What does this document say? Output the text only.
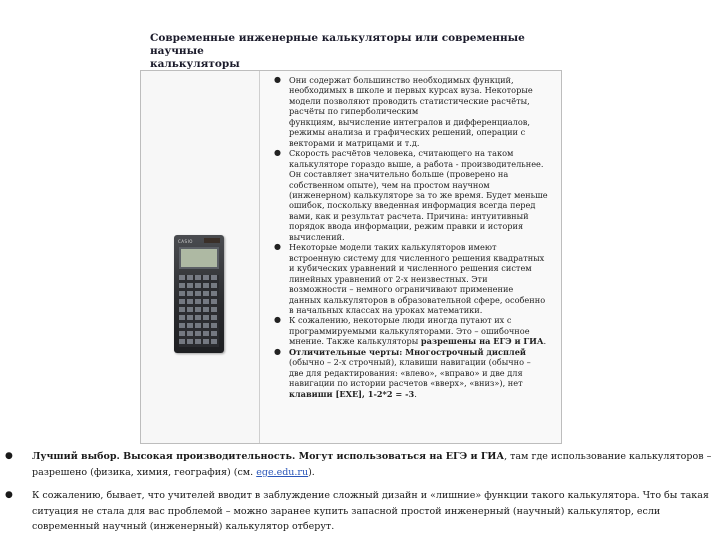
Современные инженерные калькуляторы или современные научные
калькуляторы
CASIO
● Они содержат большинство необходимых функций,
необходимых в школе и первых курсах вуза. Некоторые
модели позволяют проводить статистические расчёты,
расчёты по гиперболическим
функциям, вычисление интегралов и дифференциалов,
режимы анализа и графических решений, операции с
векторами и матрицами и т.д.
● Скорость расчётов человека, считающего на таком
калькуляторе гораздо выше, а работа - производительнее.
Он составляет значительно больше (проверено на
собственном опыте), чем на простом научном
(инженерном) калькуляторе за то же время. Будет меньше
ошибок, поскольку введенная информация всегда перед
вами, как и результат расчета. Причина: интуитивный
порядок ввода информации, режим правки и история
вычислений.
● Некоторые модели таких калькуляторов имеют
встроенную систему для численного решения квадратных
и кубических уравнений и численного решения систем
линейных уравнений от 2-х неизвестных. Эти
возможности – немного ограничивают применение
данных калькуляторов в образовательной сфере, особенно
в начальных классах на уроках математики.
● К сожалению, некоторые люди иногда путают их с
программируемыми калькуляторами. Это – ошибочное
мнение. Также калькуляторы разрешены на ЕГЭ и ГИА.
● Отличительные черты: Многострочный дисплей
(обычно – 2-х строчный), клавиши навигации (обычно –
две для редактирования: «влево», «вправо» и две для
навигации по истории расчетов «вверх», «вниз»), нет
клавиши [EXE], 1-2*2 = -3.
● Лучший выбор. Высокая производительность. Могут использоваться на ЕГЭ и ГИА, там где использование калькуляторов – разрешено (физика, химия, география) (см. ege.edu.ru).
● К сожалению, бывает, что учителей вводит в заблуждение сложный дизайн и «лишние» функции такого калькулятора. Что бы такая ситуация не стала для вас проблемой – можно заранее купить запасной простой инженерный (научный) калькулятор, если современный научный (инженерный) калькулятор отберут.
